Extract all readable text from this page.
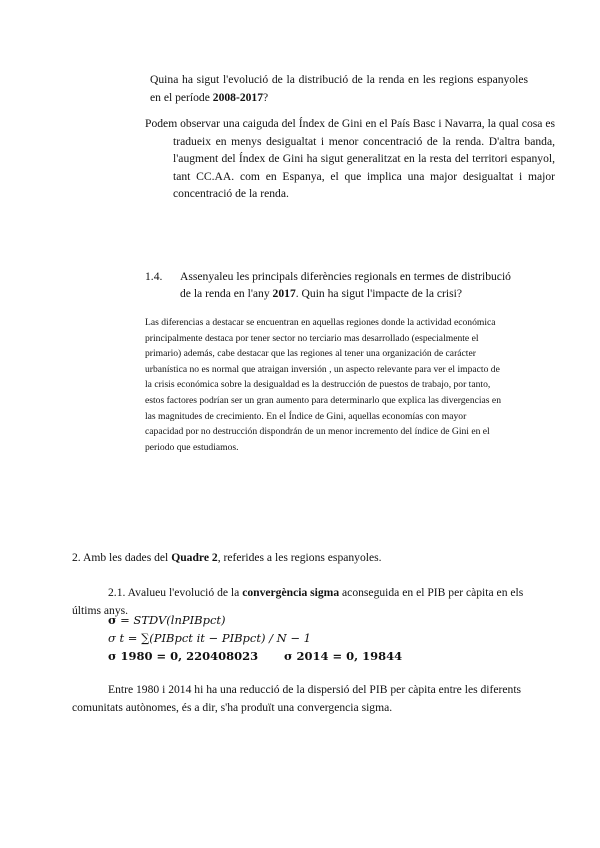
Quina ha sigut l'evolució de la distribució de la renda en les regions espanyoles en el període 2008-2017?
Podem observar una caiguda del Índex de Gini en el País Basc i Navarra, la qual cosa es tradueix en menys desigualtat i menor concentració de la renda. D'altra banda, l'augment del Índex de Gini ha sigut generalitzat en la resta del territori espanyol, tant CC.AA. com en Espanya, el que implica una major desigualtat i major concentració de la renda.
1.4.	Assenyaleu les principals diferències regionals en termes de distribució
de la renda en l'any 2017. Quin ha sigut l'impacte de la crisi?
Las diferencias a destacar se encuentran en aquellas regiones donde la actividad económica principalmente destaca por tener sector no terciario mas desarrollado (especialmente el primario) además, cabe destacar que las regiones al tener una organización de carácter urbanística no es normal que atraigan inversión , un aspecto relevante para ver el impacto de la crisis económica sobre la desigualdad es la destrucción de puestos de trabajo, por tanto, estos factores podrían ser un gran aumento para determinarlo que explica las divergencias en las magnitudes de crecimiento. En el Índice de Gini, aquellas economías con mayor capacidad por no destrucción dispondrán de un menor incremento del índice de Gini en el periodo que estudiamos.
2. Amb les dades del Quadre 2, referides a les regions espanyoles.
2.1. Avalueu l'evolució de la convergència sigma aconseguida en el PIB per càpita en els últims anys.
σ = STDV(lnPIBpct)
σ t = ∑(PIBpct it − PIBpct) / N − 1
σ 1980 = 0, 220408023 σ 2014 = 0, 19844
Entre 1980 i 2014 hi ha una reducció de la dispersió del PIB per càpita entre les diferents comunitats autònomes, és a dir, s'ha produït una convergencia sigma.
